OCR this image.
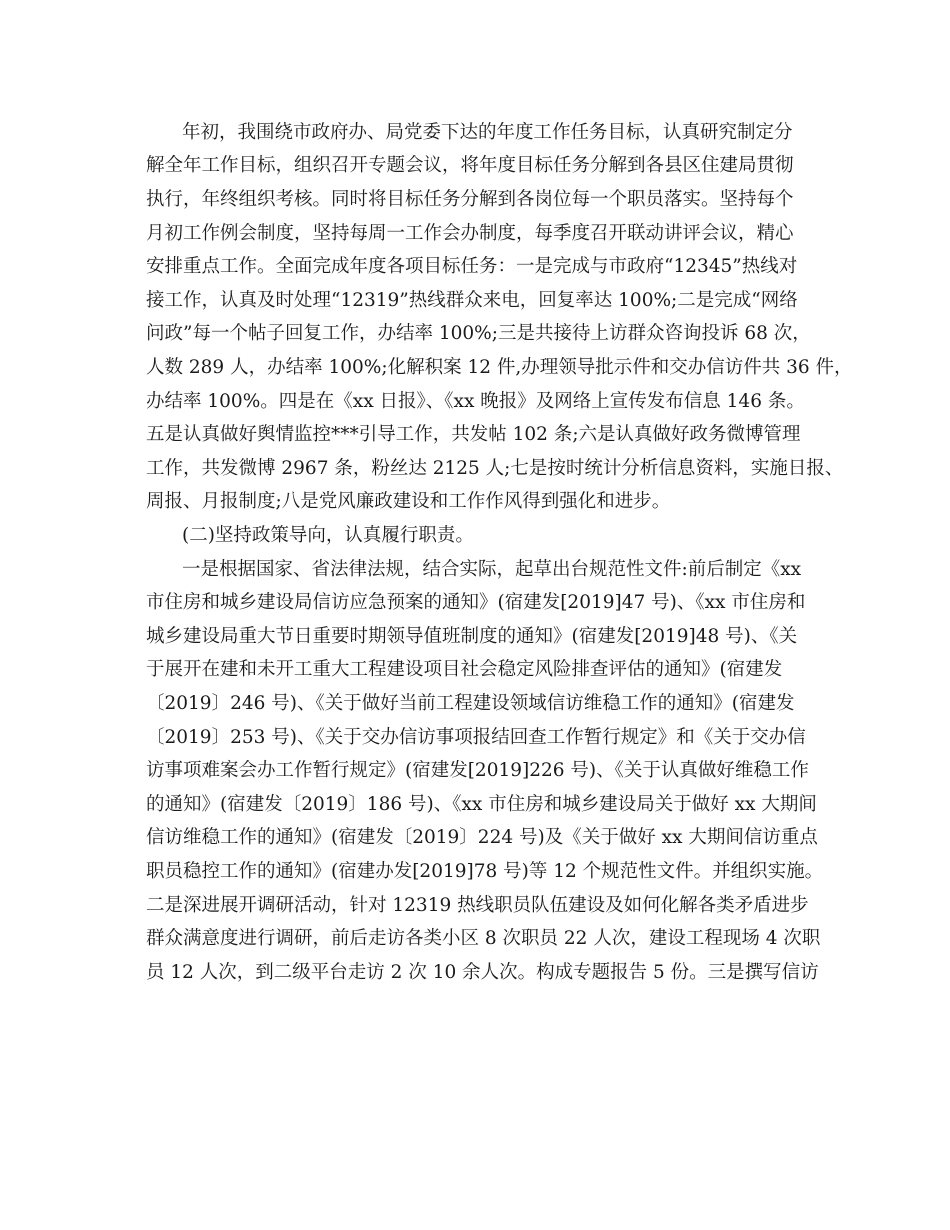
年初，我围绕市政府办、局党委下达的年度工作任务目标，认真研究制定分
解全年工作目标，组织召开专题会议，将年度目标任务分解到各县区住建局贯彻
执行，年终组织考核。同时将目标任务分解到各岗位每一个职员落实。坚持每个
月初工作例会制度，坚持每周一工作会办制度，每季度召开联动讲评会议，精心
安排重点工作。全面完成年度各项目标任务：一是完成与市政府“12345”热线对
接工作，认真及时处理“12319”热线群众来电，回复率达 100%;二是完成“网络
问政”每一个帖子回复工作，办结率 100%;三是共接待上访群众咨询投诉 68 次，
人数 289 人，办结率 100%;化解积案 12 件,办理领导批示件和交办信访件共 36 件，
办结率 100%。四是在《xx 日报》、《xx 晚报》及网络上宣传发布信息 146 条。
五是认真做好舆情监控***引导工作，共发帖 102 条;六是认真做好政务微博管理
工作，共发微博 2967 条，粉丝达 2125 人;七是按时统计分析信息资料，实施日报、
周报、月报制度;八是党风廉政建设和工作作风得到强化和进步。
(二)坚持政策导向，认真履行职责。
一是根据国家、省法律法规，结合实际，起草出台规范性文件:前后制定《xx
市住房和城乡建设局信访应急预案的通知》(宿建发[2019]47 号)、《xx 市住房和
城乡建设局重大节日重要时期领导值班制度的通知》(宿建发[2019]48 号)、《关
于展开在建和未开工重大工程建设项目社会稳定风险排查评估的通知》(宿建发
〔2019〕246 号)、《关于做好当前工程建设领域信访维稳工作的通知》(宿建发
〔2019〕253 号)、《关于交办信访事项报结回查工作暂行规定》和《关于交办信
访事项难案会办工作暂行规定》(宿建发[2019]226 号)、《关于认真做好维稳工作
的通知》(宿建发〔2019〕186 号)、《xx 市住房和城乡建设局关于做好 xx 大期间
信访维稳工作的通知》(宿建发〔2019〕224 号)及《关于做好 xx 大期间信访重点
职员稳控工作的通知》(宿建办发[2019]78 号)等 12 个规范性文件。并组织实施。
二是深进展开调研活动，针对 12319 热线职员队伍建设及如何化解各类矛盾进步
群众满意度进行调研，前后走访各类小区 8 次职员 22 人次，建设工程现场 4 次职
员 12 人次，到二级平台走访 2 次 10 余人次。构成专题报告 5 份。三是撰写信访
